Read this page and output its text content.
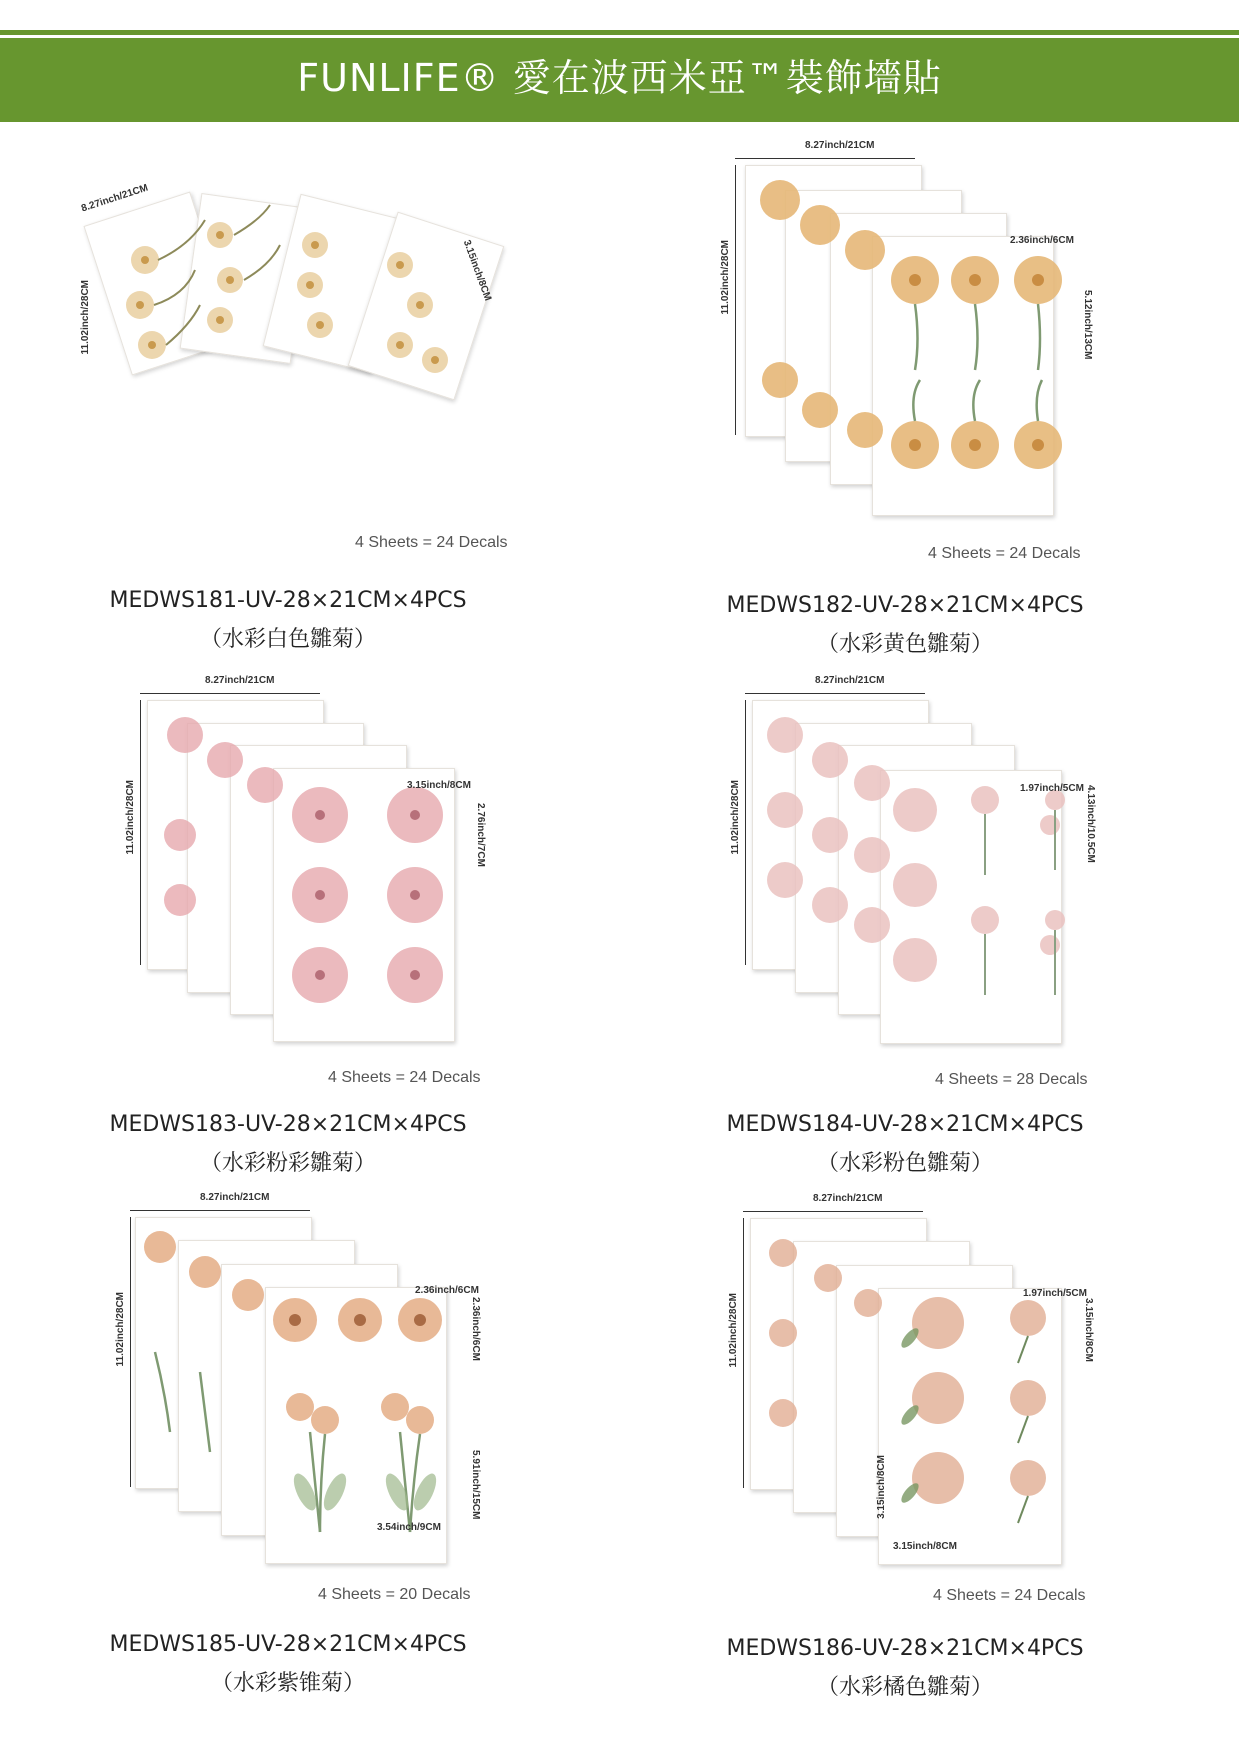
FUNLIFE® 愛在波西米亞™裝飾墻貼
8.27inch/21CM
11.02inch/28CM
3.15inch/8CM
4 Sheets = 24 Decals
MEDWS181-UV-28×21CM×4PCS
（水彩白色雛菊）
8.27inch/21CM
11.02inch/28CM	2.36inch/6CM
5.12inch/13CM
4 Sheets = 24 Decals
MEDWS182-UV-28×21CM×4PCS
（水彩黄色雛菊）
8.27inch/21CM
11.02inch/28CM	3.15inch/8CM
2.76inch/7CM
4 Sheets = 24 Decals
MEDWS183-UV-28×21CM×4PCS
（水彩粉彩雛菊）
8.27inch/21CM
11.02inch/28CM	1.97inch/5CM 4.13inch/10.5CM
4 Sheets = 28 Decals
MEDWS184-UV-28×21CM×4PCS
（水彩粉色雛菊）
8.27inch/21CM
11.02inch/28CM
2.36inch/6CM
2.36inch/6CM
5.91inch/15CM
3.54inch/9CM
4 Sheets = 20 Decals
MEDWS185-UV-28×21CM×4PCS
（水彩紫锥菊）
8.27inch/21CM
11.02inch/28CM	1.97inch/5CM
3.15inch/8CM
3.15inch/8CM
3.15inch/8CM
4 Sheets = 24 Decals
MEDWS186-UV-28×21CM×4PCS
（水彩橘色雛菊）
